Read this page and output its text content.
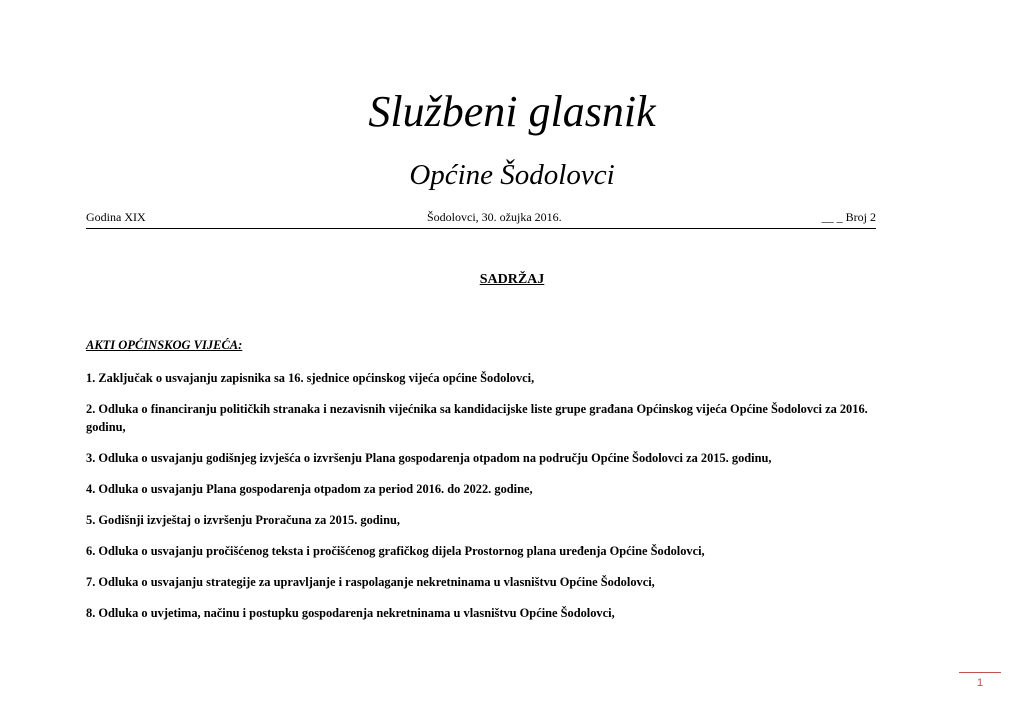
Službeni glasnik
Općine Šodolovci
Godina XIX	Šodolovci, 30. ožujka 2016.	__ _ Broj 2
SADRŽAJ
AKTI OPĆINSKOG VIJEĆA:
1. Zaključak o usvajanju zapisnika sa 16. sjednice općinskog vijeća općine Šodolovci,
2. Odluka o financiranju političkih stranaka i nezavisnih vijećnika sa kandidacijske liste grupe građana Općinskog vijeća Općine Šodolovci za 2016. godinu,
3. Odluka o usvajanju godišnjeg izvješća o izvršenju Plana gospodarenja otpadom na području Općine Šodolovci za 2015. godinu,
4. Odluka o usvajanju Plana gospodarenja otpadom za period 2016. do 2022. godine,
5. Godišnji izvještaj o izvršenju Proračuna za 2015. godinu,
6. Odluka o usvajanju pročišćenog teksta i pročišćenog grafičkog dijela Prostornog plana uređenja Općine Šodolovci,
7. Odluka o usvajanju strategije za upravljanje i raspolaganje nekretninama u vlasništvu Općine Šodolovci,
8. Odluka o uvjetima, načinu i postupku gospodarenja nekretninama u vlasništvu Općine Šodolovci,
1
